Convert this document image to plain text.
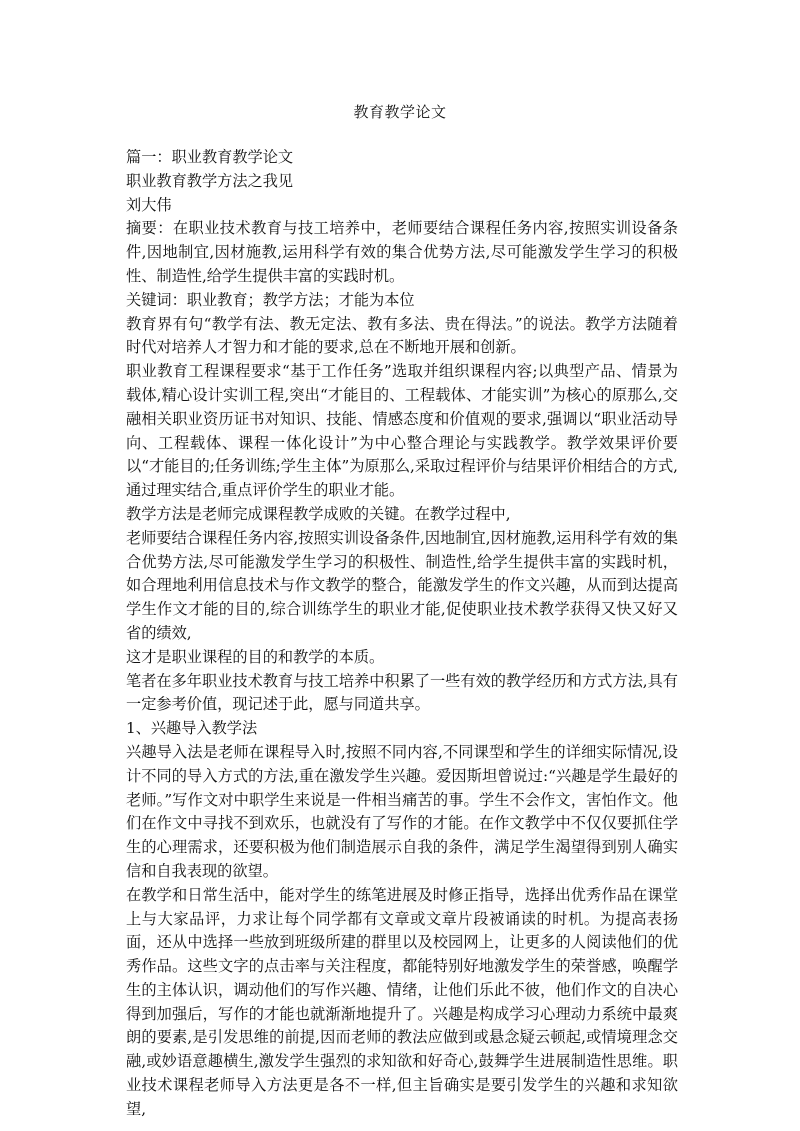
教育教学论文

篇一：职业教育教学论文

职业教育教学方法之我见

刘大伟

摘要：在职业技术教育与技工培养中，老师要结合课程任务内容,按照实训设备条件,因地制宜,因材施教,运用科学有效的集合优势方法,尽可能激发学生学习的积极性、制造性,给学生提供丰富的实践时机。

关键词：职业教育；教学方法；才能为本位

教育界有句“教学有法、教无定法、教有多法、贵在得法。”的说法。教学方法随着时代对培养人才智力和才能的要求,总在不断地开展和创新。

职业教育工程课程要求“基于工作任务”选取并组织课程内容;以典型产品、情景为载体,精心设计实训工程,突出“才能目的、工程载体、才能实训”为核心的原那么,交融相关职业资历证书对知识、技能、情感态度和价值观的要求,强调以“职业活动导向、工程载体、课程一体化设计”为中心整合理论与实践教学。教学效果评价要以“才能目的;任务训练;学生主体”为原那么,采取过程评价与结果评价相结合的方式,通过理实结合,重点评价学生的职业才能。

教学方法是老师完成课程教学成败的关键。在教学过程中,

老师要结合课程任务内容,按照实训设备条件,因地制宜,因材施教,运用科学有效的集合优势方法,尽可能激发学生学习的积极性、制造性,给学生提供丰富的实践时机，如合理地利用信息技术与作文教学的整合，能激发学生的作文兴趣，从而到达提高学生作文才能的目的,综合训练学生的职业才能,促使职业技术教学获得又快又好又省的绩效,

这才是职业课程的目的和教学的本质。

笔者在多年职业技术教育与技工培养中积累了一些有效的教学经历和方式方法,具有一定参考价值，现记述于此，愿与同道共享。

1、兴趣导入教学法

兴趣导入法是老师在课程导入时,按照不同内容,不同课型和学生的详细实际情况,设计不同的导入方式的方法,重在激发学生兴趣。爱因斯坦曾说过:“兴趣是学生最好的老师。”写作文对中职学生来说是一件相当痛苦的事。学生不会作文，害怕作文。他们在作文中寻找不到欢乐，也就没有了写作的才能。在作文教学中不仅仅要抓住学生的心理需求，还要积极为他们制造展示自我的条件，满足学生渴望得到别人确实信和自我表现的欲望。

在教学和日常生活中，能对学生的练笔进展及时修正指导，选择出优秀作品在课堂上与大家品评，力求让每个同学都有文章或文章片段被诵读的时机。为提高表扬面，还从中选择一些放到班级所建的群里以及校园网上，让更多的人阅读他们的优秀作品。这些文字的点击率与关注程度，都能特别好地激发学生的荣誉感，唤醒学生的主体认识，调动他们的写作兴趣、情绪，让他们乐此不彼，他们作文的自决心得到加强后，写作的才能也就渐渐地提升了。兴趣是构成学习心理动力系统中最爽朗的要素,是引发思维的前提,因而老师的教法应做到或悬念疑云顿起,或情境理念交融,或妙语意趣横生,激发学生强烈的求知欲和好奇心,鼓舞学生进展制造性思维。职业技术课程老师导入方法更是各不一样,但主旨确实是要引发学生的兴趣和求知欲望,
